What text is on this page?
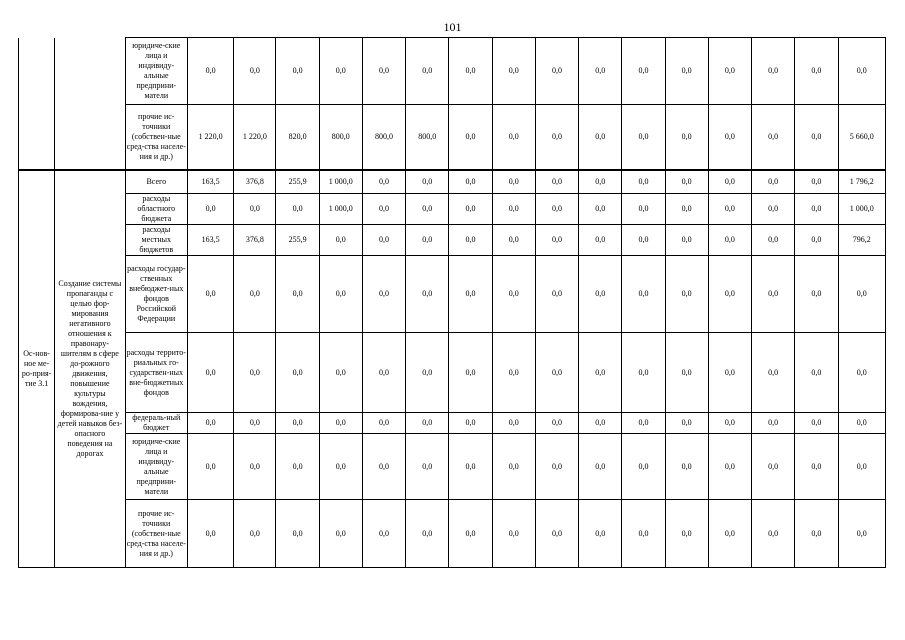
101
		юридиче-ские лица и индивиду-альные предприни-матели	0,0	0,0	0,0	0,0	0,0	0,0	0,0	0,0	0,0	0,0	0,0	0,0	0,0	0,0	0,0	0,0
		прочие ис-точники (собствен-ные сред-ства населе-ния и др.)	1 220,0	1 220,0	820,0	800,0	800,0	800,0	0,0	0,0	0,0	0,0	0,0	0,0	0,0	0,0	0,0	5 660,0
Ос-нов-ное ме-ро-прия-тие 3.1	Создание системы пропаганды с целью фор-мирования негативного отношения к правонару-шителям в сфере до-рожного движения, повышение культуры вождения, формирова-ние у детей навыков без-опасного поведения на дорогах	Всего	163,5	376,8	255,9	1 000,0	0,0	0,0	0,0	0,0	0,0	0,0	0,0	0,0	0,0	0,0	0,0	1 796,2
		расходы областного бюджета	0,0	0,0	0,0	1 000,0	0,0	0,0	0,0	0,0	0,0	0,0	0,0	0,0	0,0	0,0	0,0	1 000,0
		расходы местных бюджетов	163,5	376,8	255,9	0,0	0,0	0,0	0,0	0,0	0,0	0,0	0,0	0,0	0,0	0,0	0,0	796,2
		расходы государ-ственных внебюджет-ных фондов Российской Федерации	0,0	0,0	0,0	0,0	0,0	0,0	0,0	0,0	0,0	0,0	0,0	0,0	0,0	0,0	0,0	0,0
		расходы террито-риальных го-сударствен-ных вне-бюджетных фондов	0,0	0,0	0,0	0,0	0,0	0,0	0,0	0,0	0,0	0,0	0,0	0,0	0,0	0,0	0,0	0,0
		федераль-ный бюджет	0,0	0,0	0,0	0,0	0,0	0,0	0,0	0,0	0,0	0,0	0,0	0,0	0,0	0,0	0,0	0,0
		юридиче-ские лица и индивиду-альные предприни-матели	0,0	0,0	0,0	0,0	0,0	0,0	0,0	0,0	0,0	0,0	0,0	0,0	0,0	0,0	0,0	0,0
		прочие ис-точники (собствен-ные сред-ства населе-ния и др.)	0,0	0,0	0,0	0,0	0,0	0,0	0,0	0,0	0,0	0,0	0,0	0,0	0,0	0,0	0,0	0,0
